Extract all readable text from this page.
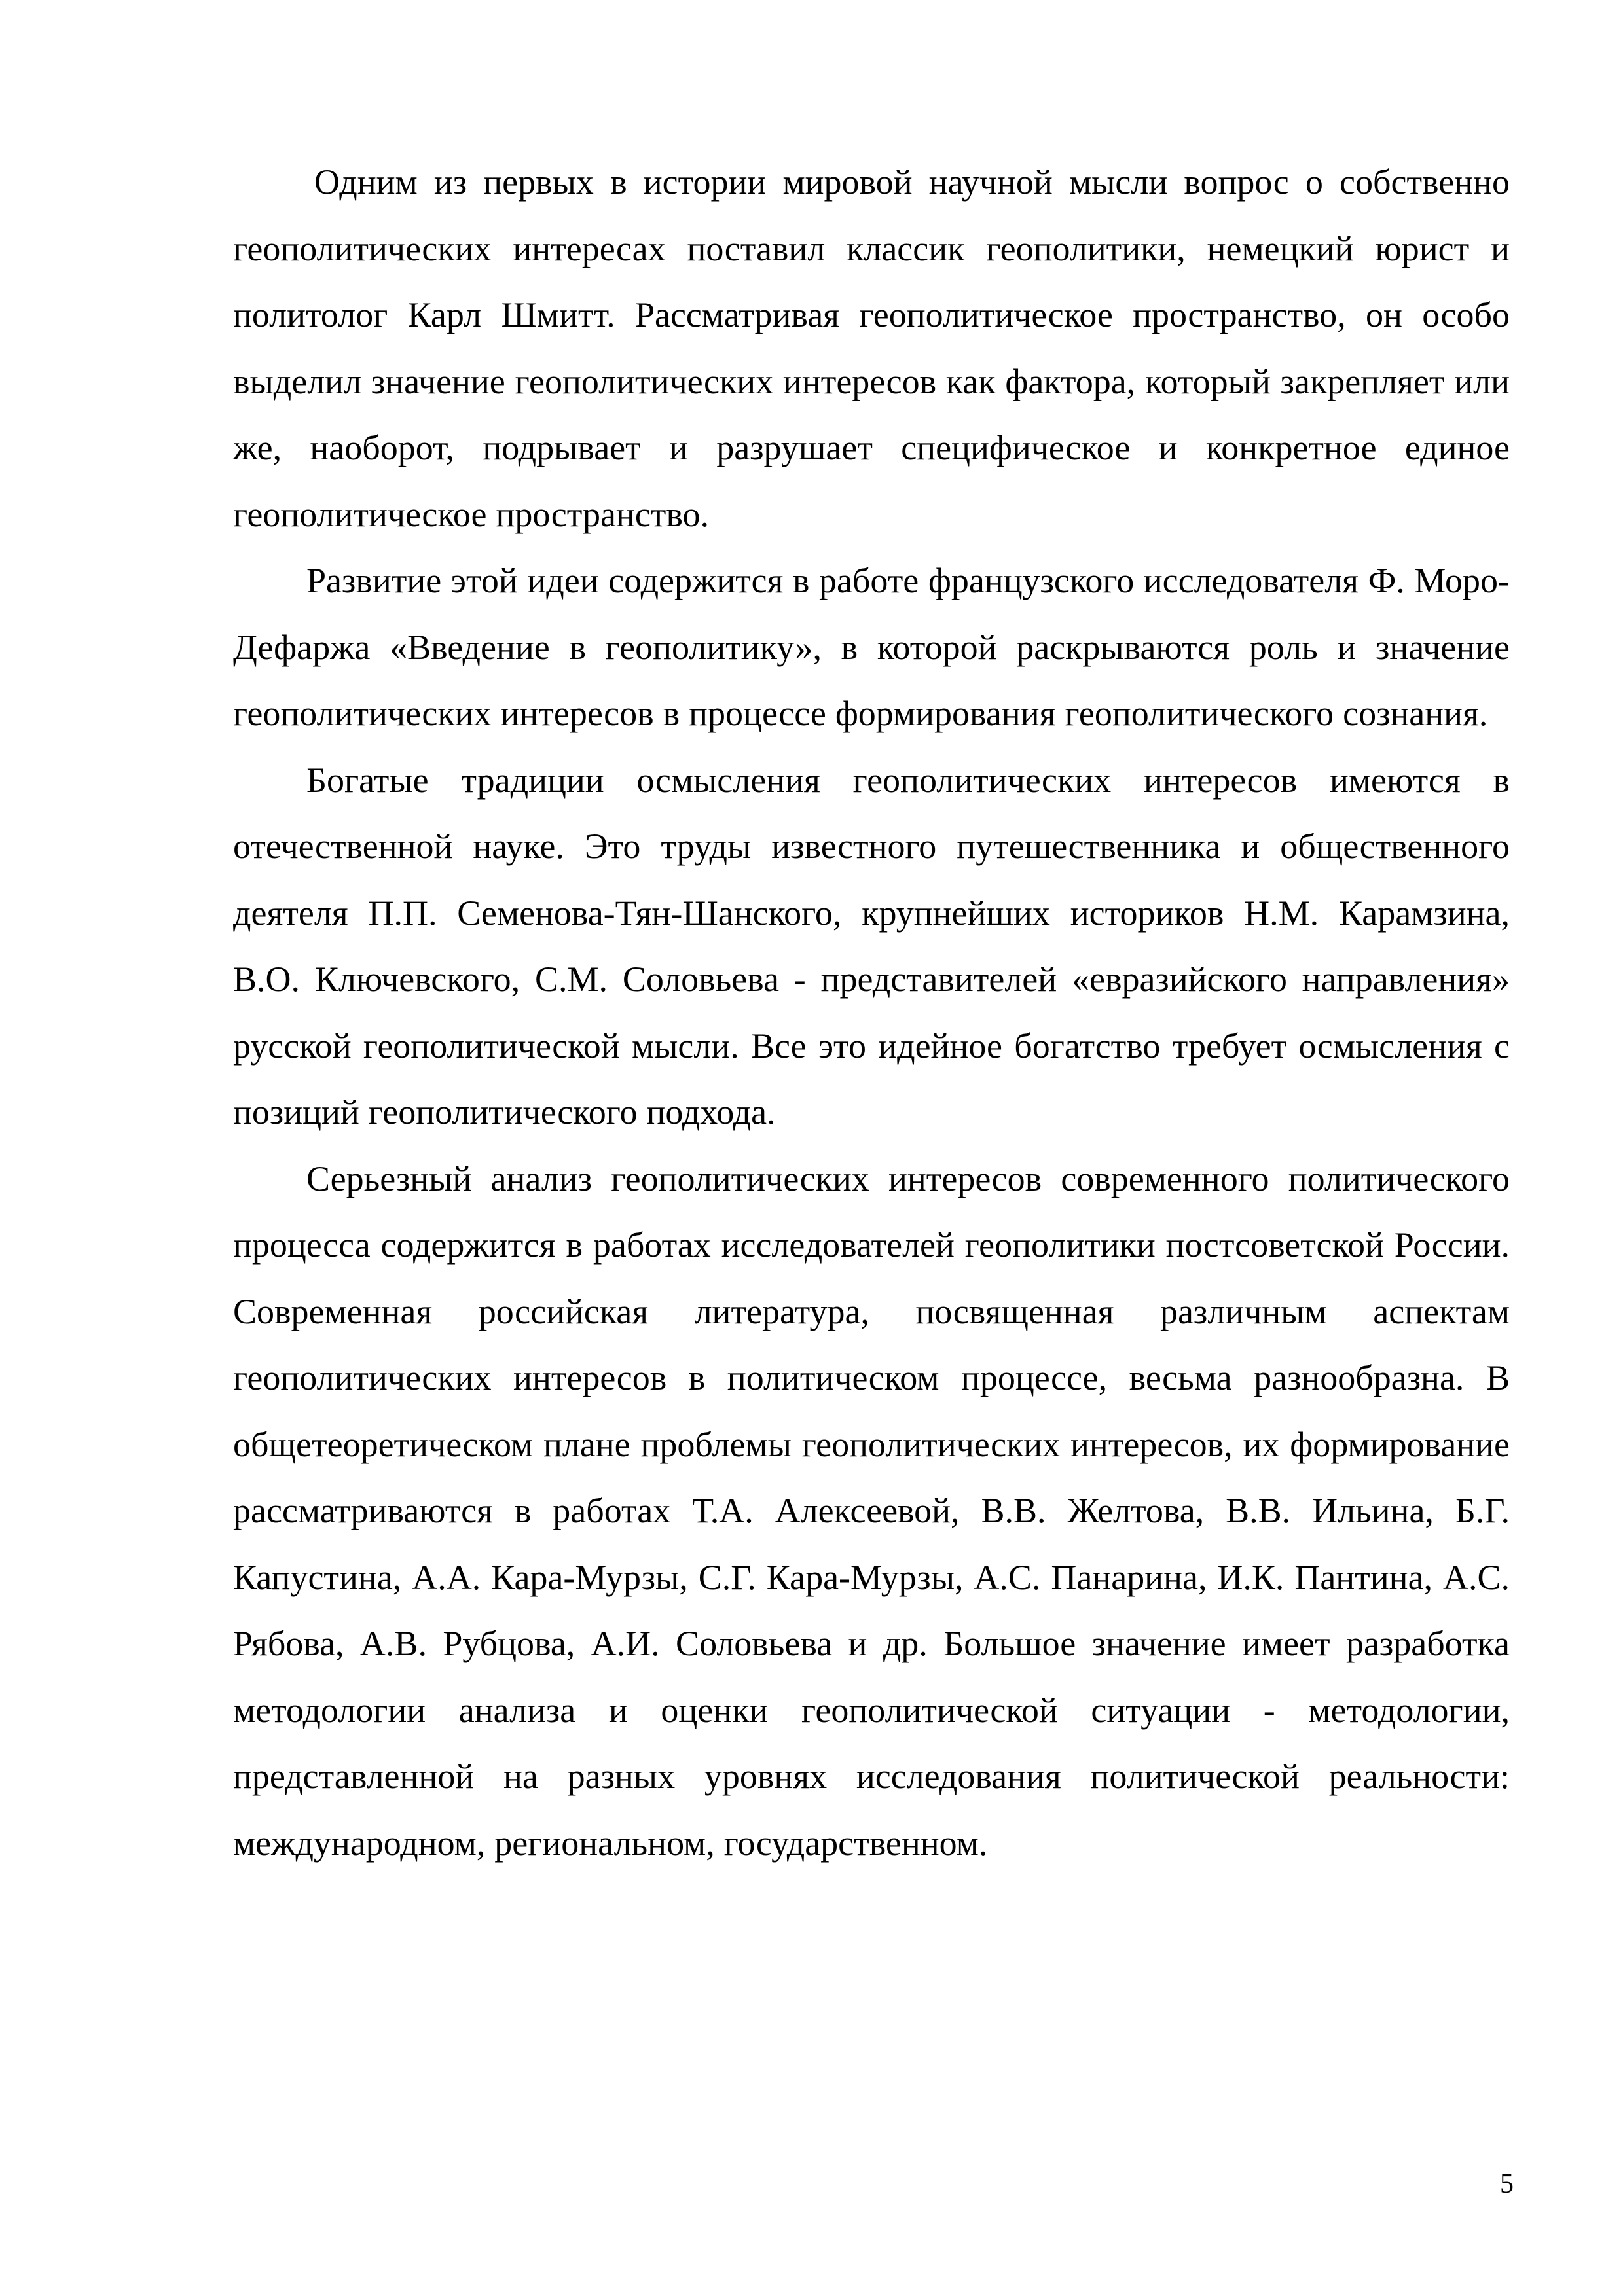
Одним из первых в истории мировой научной мысли вопрос о собственно геополитических интересах поставил классик геополитики, немецкий юрист и политолог Карл Шмитт. Рассматривая геополитическое пространство, он особо выделил значение геополитических интересов как фактора, который закрепляет или же, наоборот, подрывает и разрушает специфическое и конкретное единое геополитическое пространство.

Развитие этой идеи содержится в работе французского исследователя Ф. Моро-Дефаржа «Введение в геополитику», в которой раскрываются роль и значение геополитических интересов в процессе формирования геополитического сознания.

Богатые традиции осмысления геополитических интересов имеются в отечественной науке. Это труды известного путешественника и общественного деятеля П.П. Семенова-Тян-Шанского, крупнейших историков Н.М. Карамзина, В.О. Ключевского, С.М. Соловьева - представителей «евразийского направления» русской геополитической мысли. Все это идейное богатство требует осмысления с позиций геополитического подхода.

Серьезный анализ геополитических интересов современного политического процесса содержится в работах исследователей геополитики постсоветской России. Современная российская литература, посвященная различным аспектам геополитических интересов в политическом процессе, весьма разнообразна. В общетеоретическом плане проблемы геополитических интересов, их формирование рассматриваются в работах Т.А. Алексеевой, В.В. Желтова, В.В. Ильина, Б.Г. Капустина, А.А. Кара-Мурзы, С.Г. Кара-Мурзы, А.С. Панарина, И.К. Пантина, А.С. Рябова, А.В. Рубцова, А.И. Соловьева и др. Большое значение имеет разработка методологии анализа и оценки геополитической ситуации - методологии, представленной на разных уровнях исследования политической реальности: международном, региональном, государственном.

5
